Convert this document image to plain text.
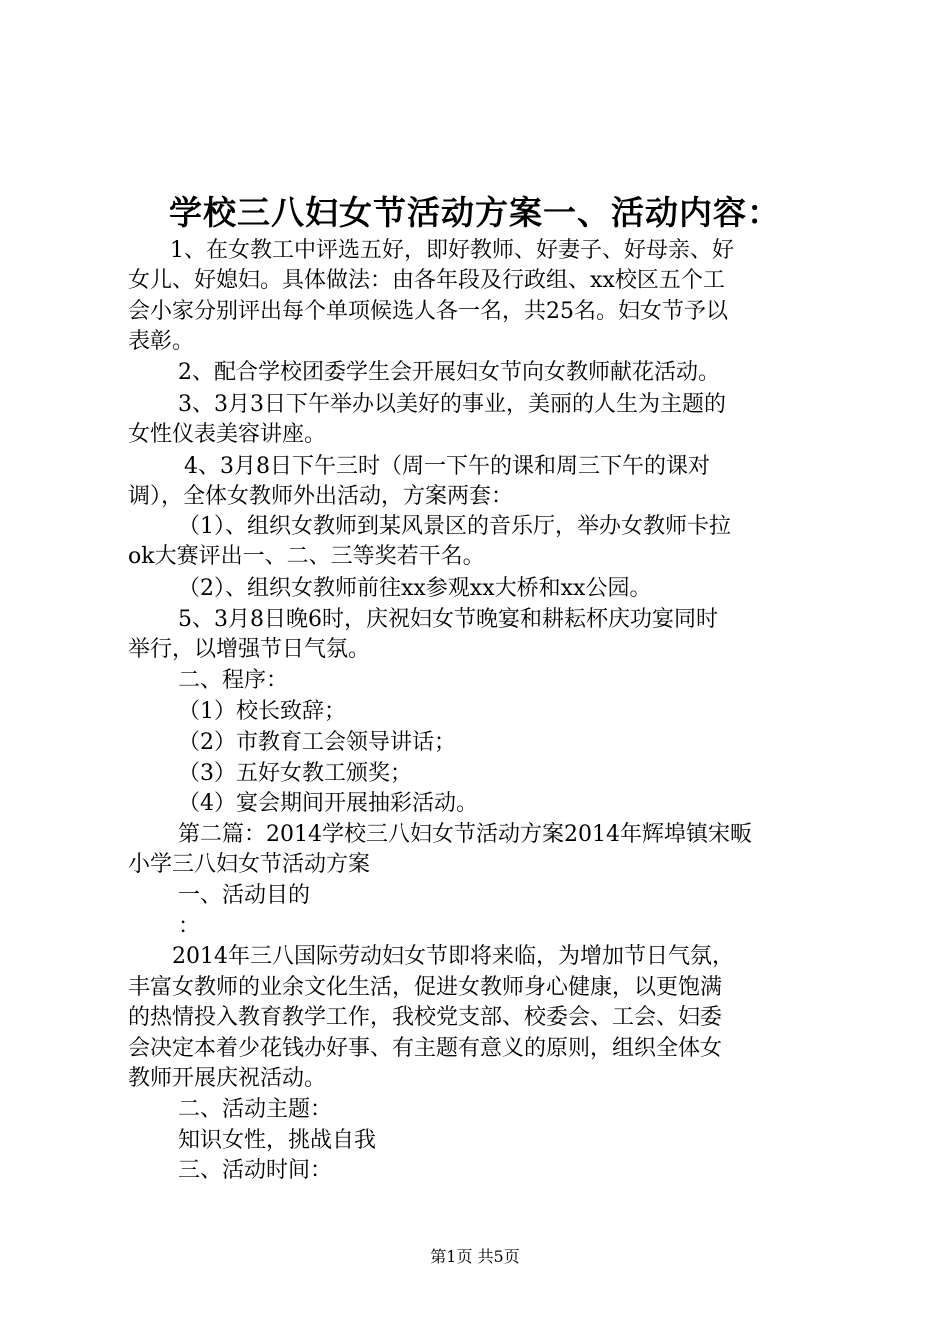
学校三八妇女节活动方案一、活动内容：
1、在女教工中评选五好，即好教师、好妻子、好母亲、好
女儿、好媳妇。具体做法：由各年段及行政组、xx校区五个工
会小家分别评出每个单项候选人各一名，共25名。妇女节予以
表彰。
2、配合学校团委学生会开展妇女节向女教师献花活动。
3、3月3日下午举办以美好的事业，美丽的人生为主题的
女性仪表美容讲座。
4、3月8日下午三时（周一下午的课和周三下午的课对
调），全体女教师外出活动，方案两套：
（1）、组织女教师到某风景区的音乐厅，举办女教师卡拉
ok大赛评出一、二、三等奖若干名。
（2）、组织女教师前往xx参观xx大桥和xx公园。
5、3月8日晚6时，庆祝妇女节晚宴和耕耘杯庆功宴同时
举行，以增强节日气氛。
二、程序：
（1）校长致辞；
（2）市教育工会领导讲话；
（3）五好女教工颁奖；
（4）宴会期间开展抽彩活动。
第二篇：2014学校三八妇女节活动方案2014年辉埠镇宋畈
小学三八妇女节活动方案
一、活动目的
：
2014年三八国际劳动妇女节即将来临，为增加节日气氛，
丰富女教师的业余文化生活，促进女教师身心健康，以更饱满
的热情投入教育教学工作，我校党支部、校委会、工会、妇委
会决定本着少花钱办好事、有主题有意义的原则，组织全体女
教师开展庆祝活动。
二、活动主题：
知识女性，挑战自我
三、活动时间：
第1页 共5页
